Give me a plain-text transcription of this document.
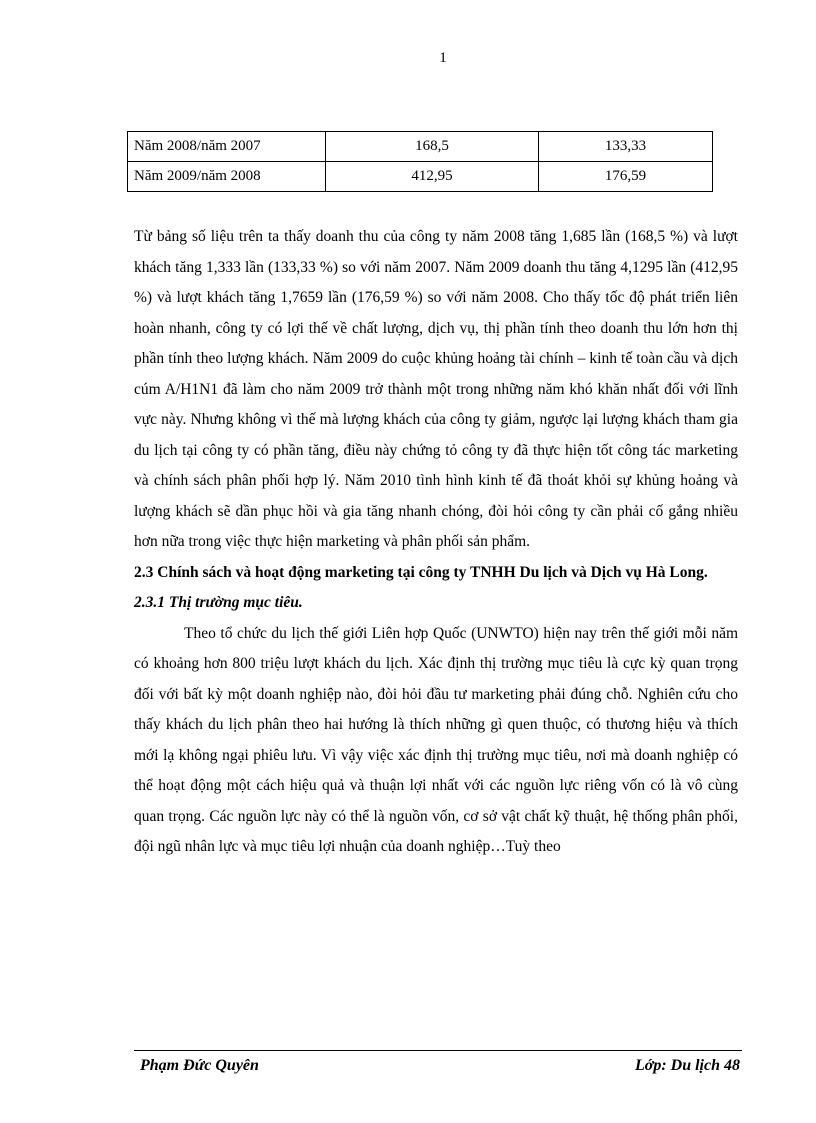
1
Năm 2008/năm 2007	168,5	133,33
Năm 2009/năm 2008	412,95	176,59

Từ bảng số liệu trên ta thấy doanh thu của công ty năm 2008 tăng 1,685 lần (168,5 %) và lượt khách tăng 1,333 lần (133,33 %) so với năm 2007. Năm 2009 doanh thu tăng 4,1295 lần (412,95 %) và lượt khách tăng 1,7659 lần (176,59 %) so với năm 2008. Cho thấy tốc độ phát triển liên hoàn nhanh, công ty có lợi thế về chất lượng, dịch vụ, thị phần tính theo doanh thu lớn hơn thị phần tính theo lượng khách. Năm 2009 do cuộc khủng hoảng tài chính – kinh tế toàn cầu và dịch cúm A/H1N1 đã làm cho năm 2009 trở thành một trong những năm khó khăn nhất đối với lĩnh vực này. Nhưng không vì thế mà lượng khách của công ty giảm, ngược lại lượng khách tham gia du lịch tại công ty có phần tăng, điều này chứng tỏ công ty đã thực hiện tốt công tác marketing và chính sách phân phối hợp lý. Năm 2010 tình hình kinh tế đã thoát khỏi sự khủng hoảng và lượng khách sẽ dần phục hồi và gia tăng nhanh chóng, đòi hỏi công ty cần phải cố gắng nhiều hơn nữa trong việc thực hiện marketing và phân phối sản phẩm.

2.3 Chính sách và hoạt động marketing tại công ty TNHH Du lịch và Dịch vụ Hà Long.

2.3.1 Thị trường mục tiêu.

Theo tổ chức du lịch thế giới Liên hợp Quốc (UNWTO) hiện nay trên thế giới mỗi năm có khoảng hơn 800 triệu lượt khách du lịch. Xác định thị trường mục tiêu là cực kỳ quan trọng đối với bất kỳ một doanh nghiệp nào, đòi hỏi đầu tư marketing phải đúng chỗ. Nghiên cứu cho thấy khách du lịch phân theo hai hướng là thích những gì quen thuộc, có thương hiệu và thích mới lạ không ngại phiêu lưu. Vì vậy việc xác định thị trường mục tiêu, nơi mà doanh nghiệp có thể hoạt động một cách hiệu quả và thuận lợi nhất với các nguồn lực riêng vốn có là vô cùng quan trọng. Các nguồn lực này có thể là nguồn vốn, cơ sở vật chất kỹ thuật, hệ thống phân phối, đội ngũ nhân lực và mục tiêu lợi nhuận của doanh nghiệp…Tuỳ theo

Phạm Đức Quyên	Lớp: Du lịch 48
